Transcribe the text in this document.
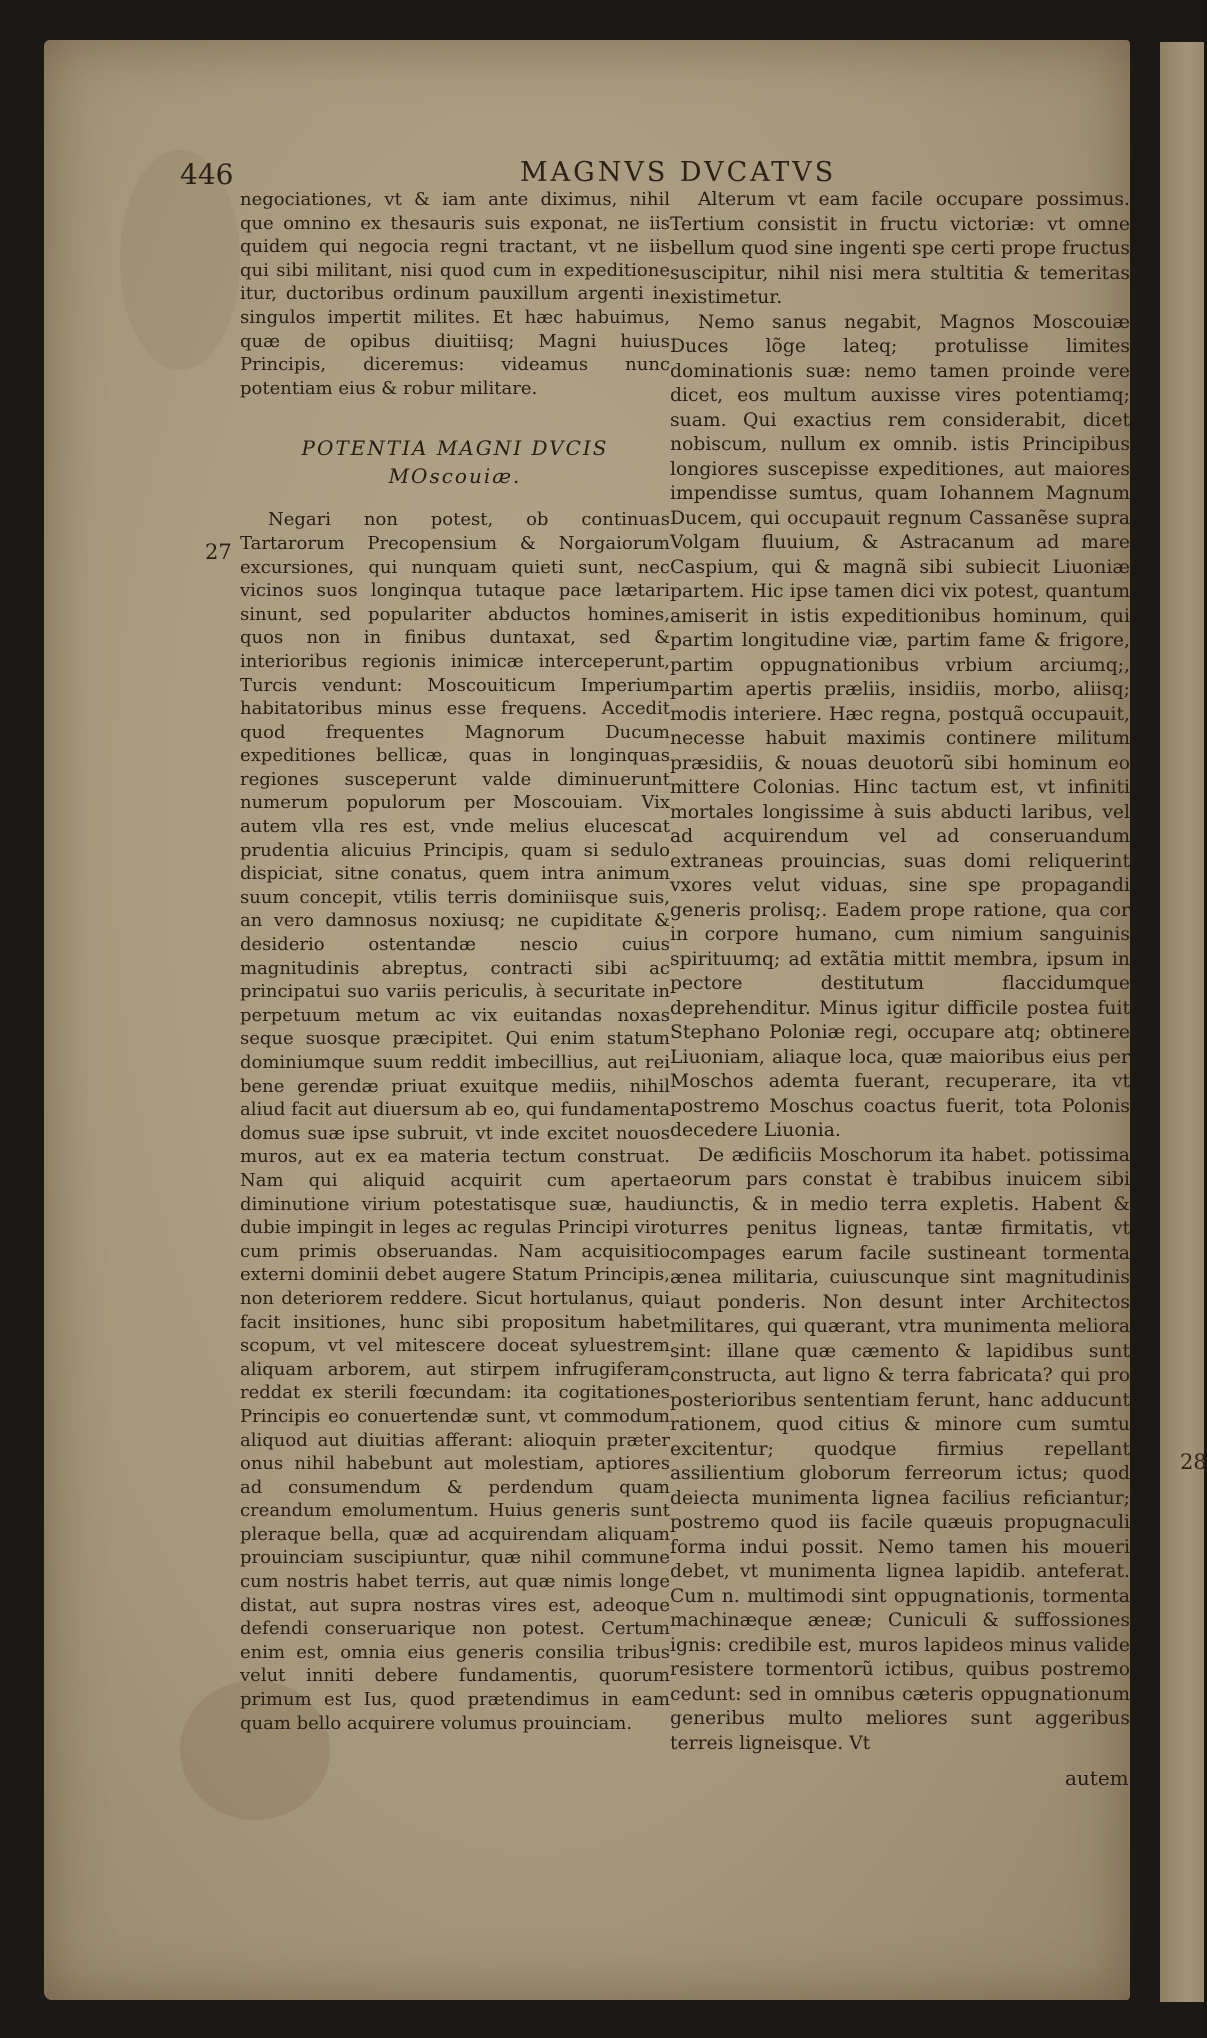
446	MAGNVS DVCATVS
27
28

negociationes, vt & iam ante diximus, nihil que omnino ex thesauris suis exponat, ne iis quidem qui negocia regni tractant, vt ne iis qui sibi militant, nisi quod cum in expeditione itur, ductoribus ordinum pauxillum argenti in singulos impertit milites. Et hæc habuimus, quæ de opibus diuitiisq; Magni huius Principis, diceremus: videamus nunc potentiam eius & robur militare.

POTENTIA MAGNI DVCIS MOscouiæ.

Negari non potest, ob continuas Tartarorum Precopensium & Norgaiorum excursiones, qui nunquam quieti sunt, nec vicinos suos longinqua tutaque pace lætari sinunt, sed populariter abductos homines, quos non in finibus duntaxat, sed & interioribus regionis inimicæ interceperunt, Turcis vendunt: Moscouiticum Imperium habitatoribus minus esse frequens. Accedit quod frequentes Magnorum Ducum expeditiones bellicæ, quas in longinquas regiones susceperunt valde diminuerunt numerum populorum per Moscouiam. Vix autem vlla res est, vnde melius elucescat prudentia alicuius Principis, quam si sedulo dispiciat, sitne conatus, quem intra animum suum concepit, vtilis terris dominiisque suis, an vero damnosus noxiusq; ne cupiditate & desiderio ostentandæ nescio cuius magnitudinis abreptus, contracti sibi ac principatui suo variis periculis, à securitate in perpetuum metum ac vix euitandas noxas seque suosque præcipitet. Qui enim statum dominiumque suum reddit imbecillius, aut rei bene gerendæ priuat exuitque mediis, nihil aliud facit aut diuersum ab eo, qui fundamenta domus suæ ipse subruit, vt inde excitet nouos muros, aut ex ea materia tectum construat. Nam qui aliquid acquirit cum aperta diminutione virium potestatisque suæ, haud dubie impingit in leges ac regulas Principi viro cum primis obseruandas. Nam acquisitio externi dominii debet augere Statum Principis, non deteriorem reddere. Sicut hortulanus, qui facit insitiones, hunc sibi propositum habet scopum, vt vel mitescere doceat syluestrem aliquam arborem, aut stirpem infrugiferam reddat ex sterili fœcundam: ita cogitationes Principis eo conuertendæ sunt, vt commodum aliquod aut diuitias afferant: alioquin præter onus nihil habebunt aut molestiam, aptiores ad consumendum & perdendum quam creandum emolumentum. Huius generis sunt pleraque bella, quæ ad acquirendam aliquam prouinciam suscipiuntur, quæ nihil commune cum nostris habet terris, aut quæ nimis longe distat, aut supra nostras vires est, adeoque defendi conseruarique non potest. Certum enim est, omnia eius generis consilia tribus velut inniti debere fundamentis, quorum primum est Ius, quod prætendimus in eam quam bello acquirere volumus prouinciam.

Alterum vt eam facile occupare possimus. Tertium consistit in fructu victoriæ: vt omne bellum quod sine ingenti spe certi prope fructus suscipitur, nihil nisi mera stultitia & temeritas existimetur.

Nemo sanus negabit, Magnos Moscouiæ Duces lõge lateq; protulisse limites dominationis suæ: nemo tamen proinde vere dicet, eos multum auxisse vires potentiamq; suam. Qui exactius rem considerabit, dicet nobiscum, nullum ex omnib. istis Principibus longiores suscepisse expeditiones, aut maiores impendisse sumtus, quam Iohannem Magnum Ducem, qui occupauit regnum Cassanẽse supra Volgam fluuium, & Astracanum ad mare Caspium, qui & magnã sibi subiecit Liuoniæ partem. Hic ipse tamen dici vix potest, quantum amiserit in istis expeditionibus hominum, qui partim longitudine viæ, partim fame & frigore, partim oppugnationibus vrbium arciumq;, partim apertis præliis, insidiis, morbo, aliisq; modis interiere. Hæc regna, postquã occupauit, necesse habuit maximis continere militum præsidiis, & nouas deuotorũ sibi hominum eo mittere Colonias. Hinc tactum est, vt infiniti mortales longissime à suis abducti laribus, vel ad acquirendum vel ad conseruandum extraneas prouincias, suas domi reliquerint vxores velut viduas, sine spe propagandi generis prolisq;. Eadem prope ratione, qua cor in corpore humano, cum nimium sanguinis spirituumq; ad extãtia mittit membra, ipsum in pectore destitutum flaccidumque deprehenditur. Minus igitur difficile postea fuit Stephano Poloniæ regi, occupare atq; obtinere Liuoniam, aliaque loca, quæ maioribus eius per Moschos ademta fuerant, recuperare, ita vt postremo Moschus coactus fuerit, tota Polonis decedere Liuonia.

De ædificiis Moschorum ita habet. potissima eorum pars constat è trabibus inuicem sibi iunctis, & in medio terra expletis. Habent & turres penitus ligneas, tantæ firmitatis, vt compages earum facile sustineant tormenta ænea militaria, cuiuscunque sint magnitudinis aut ponderis. Non desunt inter Architectos militares, qui quærant, vtra munimenta meliora sint: illane quæ cæmento & lapidibus sunt constructa, aut ligno & terra fabricata? qui pro posterioribus sententiam ferunt, hanc adducunt rationem, quod citius & minore cum sumtu excitentur; quodque firmius repellant assilientium globorum ferreorum ictus; quod deiecta munimenta lignea facilius reficiantur; postremo quod iis facile quæuis propugnaculi forma indui possit. Nemo tamen his moueri debet, vt munimenta lignea lapidib. anteferat. Cum n. multimodi sint oppugnationis, tormenta machinæque æneæ; Cuniculi & suffossiones ignis: credibile est, muros lapideos minus valide resistere tormentorũ ictibus, quibus postremo cedunt: sed in omnibus cæteris oppugnationum generibus multo meliores sunt aggeribus terreis ligneisque. Vt

autem
